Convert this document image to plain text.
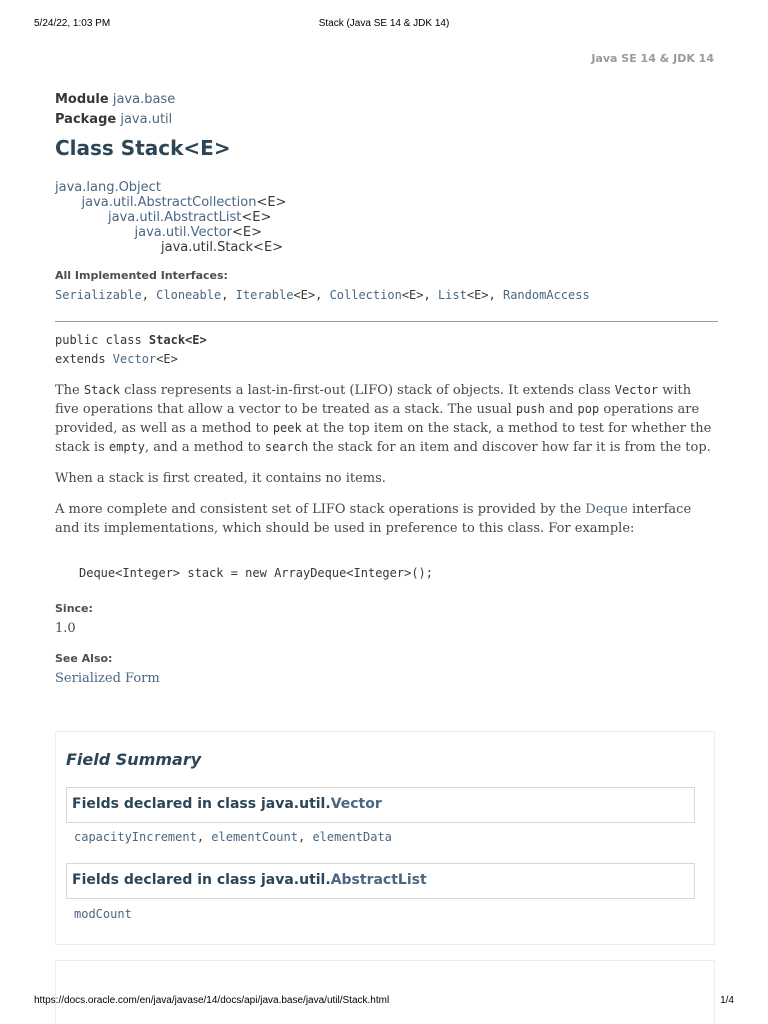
5/24/22, 1:03 PM	Stack (Java SE 14 & JDK 14)
Java SE 14 & JDK 14
Module java.base
Package java.util
Class Stack<E>
java.lang.Object
java.util.AbstractCollection<E>
java.util.AbstractList<E>
java.util.Vector<E>
java.util.Stack<E>
All Implemented Interfaces:
Serializable, Cloneable, Iterable<E>, Collection<E>, List<E>, RandomAccess
public class Stack<E>
extends Vector<E>
The Stack class represents a last-in-first-out (LIFO) stack of objects. It extends class Vector with five operations that allow a vector to be treated as a stack. The usual push and pop operations are provided, as well as a method to peek at the top item on the stack, a method to test for whether the stack is empty, and a method to search the stack for an item and discover how far it is from the top.
When a stack is first created, it contains no items.
A more complete and consistent set of LIFO stack operations is provided by the Deque interface and its implementations, which should be used in preference to this class. For example:
Deque<Integer> stack = new ArrayDeque<Integer>();
Since:
1.0
See Also:
Serialized Form
Field Summary
Fields declared in class java.util.Vector
capacityIncrement, elementCount, elementData
Fields declared in class java.util.AbstractList
modCount
https://docs.oracle.com/en/java/javase/14/docs/api/java.base/java/util/Stack.html	1/4
